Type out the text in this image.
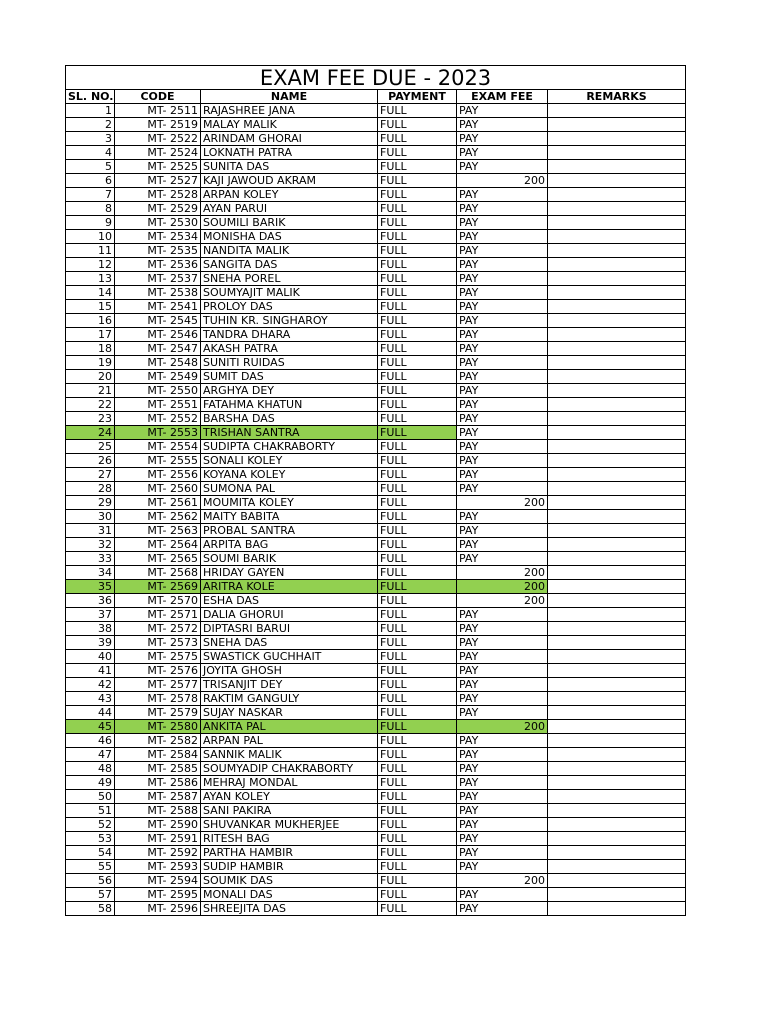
EXAM FEE DUE - 2023					
SL. NO.	CODE	NAME	PAYMENT	EXAM FEE	REMARKS
1	MT- 2511	RAJASHREE JANA	FULL	PAY	
2	MT- 2519	MALAY MALIK	FULL	PAY	
3	MT- 2522	ARINDAM GHORAI	FULL	PAY	
4	MT- 2524	LOKNATH PATRA	FULL	PAY	
5	MT- 2525	SUNITA DAS	FULL	PAY	
6	MT- 2527	KAJI JAWOUD AKRAM	FULL	200	
7	MT- 2528	ARPAN KOLEY	FULL	PAY	
8	MT- 2529	AYAN PARUI	FULL	PAY	
9	MT- 2530	SOUMILI BARIK	FULL	PAY	
10	MT- 2534	MONISHA DAS	FULL	PAY	
11	MT- 2535	NANDITA MALIK	FULL	PAY	
12	MT- 2536	SANGITA DAS	FULL	PAY	
13	MT- 2537	SNEHA POREL	FULL	PAY	
14	MT- 2538	SOUMYAJIT MALIK	FULL	PAY	
15	MT- 2541	PROLOY DAS	FULL	PAY	
16	MT- 2545	TUHIN KR. SINGHAROY	FULL	PAY	
17	MT- 2546	TANDRA DHARA	FULL	PAY	
18	MT- 2547	AKASH PATRA	FULL	PAY	
19	MT- 2548	SUNITI RUIDAS	FULL	PAY	
20	MT- 2549	SUMIT DAS	FULL	PAY	
21	MT- 2550	ARGHYA DEY	FULL	PAY	
22	MT- 2551	FATAHMA KHATUN	FULL	PAY	
23	MT- 2552	BARSHA DAS	FULL	PAY	
24	MT- 2553	TRISHAN SANTRA	FULL	PAY	
25	MT- 2554	SUDIPTA CHAKRABORTY	FULL	PAY	
26	MT- 2555	SONALI KOLEY	FULL	PAY	
27	MT- 2556	KOYANA KOLEY	FULL	PAY	
28	MT- 2560	SUMONA PAL	FULL	PAY	
29	MT- 2561	MOUMITA KOLEY	FULL	200	
30	MT- 2562	MAITY BABITA	FULL	PAY	
31	MT- 2563	PROBAL SANTRA	FULL	PAY	
32	MT- 2564	ARPITA BAG	FULL	PAY	
33	MT- 2565	SOUMI BARIK	FULL	PAY	
34	MT- 2568	HRIDAY GAYEN	FULL	200	
35	MT- 2569	ARITRA KOLE	FULL	200	
36	MT- 2570	ESHA DAS	FULL	200	
37	MT- 2571	DALIA GHORUI	FULL	PAY	
38	MT- 2572	DIPTASRI BARUI	FULL	PAY	
39	MT- 2573	SNEHA DAS	FULL	PAY	
40	MT- 2575	SWASTICK GUCHHAIT	FULL	PAY	
41	MT- 2576	JOYITA GHOSH	FULL	PAY	
42	MT- 2577	TRISANJIT DEY	FULL	PAY	
43	MT- 2578	RAKTIM GANGULY	FULL	PAY	
44	MT- 2579	SUJAY NASKAR	FULL	PAY	
45	MT- 2580	ANKITA PAL	FULL	200	
46	MT- 2582	ARPAN PAL	FULL	PAY	
47	MT- 2584	SANNIK MALIK	FULL	PAY	
48	MT- 2585	SOUMYADIP CHAKRABORTY	FULL	PAY	
49	MT- 2586	MEHRAJ MONDAL	FULL	PAY	
50	MT- 2587	AYAN KOLEY	FULL	PAY	
51	MT- 2588	SANI PAKIRA	FULL	PAY	
52	MT- 2590	SHUVANKAR MUKHERJEE	FULL	PAY	
53	MT- 2591	RITESH BAG	FULL	PAY	
54	MT- 2592	PARTHA HAMBIR	FULL	PAY	
55	MT- 2593	SUDIP HAMBIR	FULL	PAY	
56	MT- 2594	SOUMIK DAS	FULL	200	
57	MT- 2595	MONALI DAS	FULL	PAY	
58	MT- 2596	SHREEJITA DAS	FULL	PAY	
